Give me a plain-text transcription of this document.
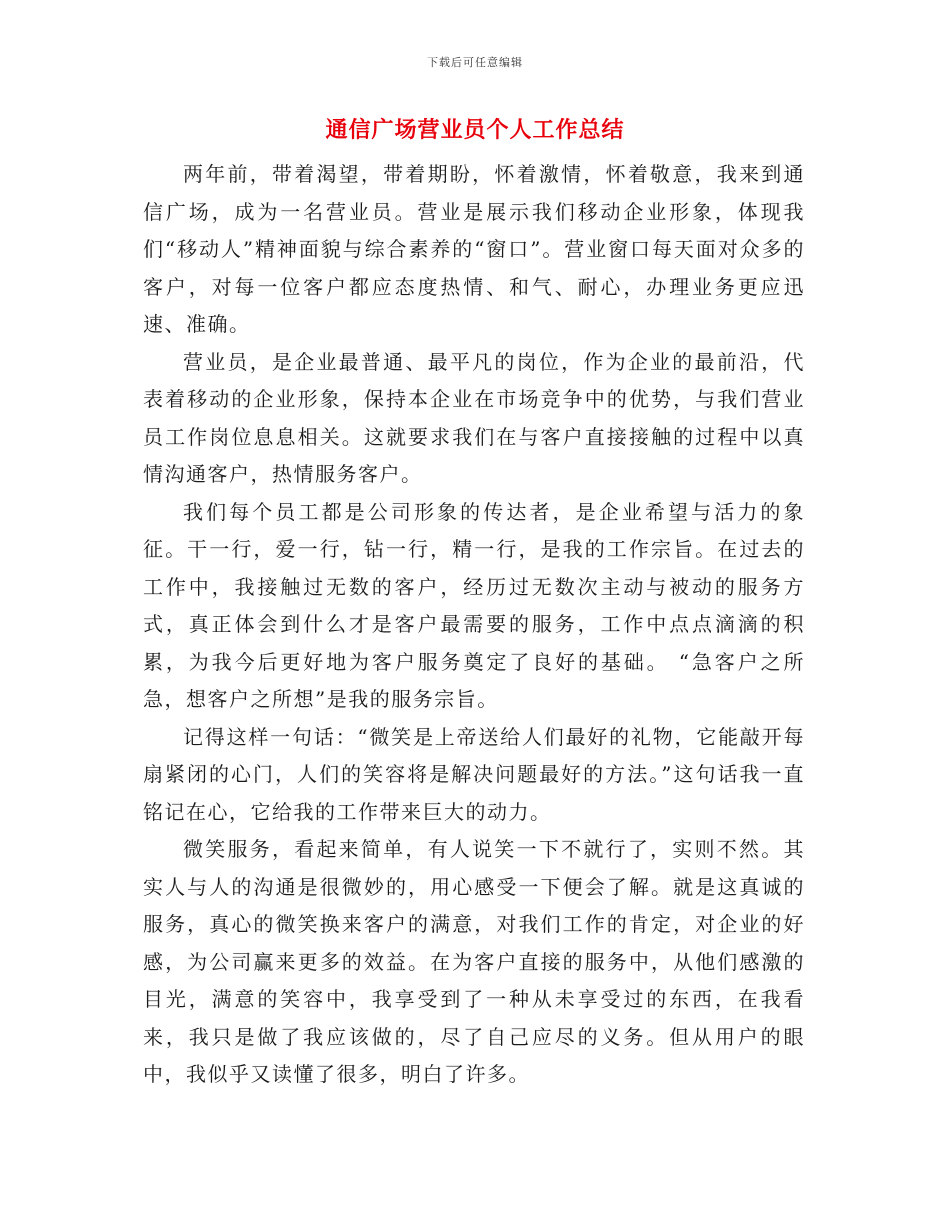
下载后可任意编辑
通信广场营业员个人工作总结

两年前，带着渴望，带着期盼，怀着激情，怀着敬意，我来到通信广场，成为一名营业员。营业是展示我们移动企业形象，体现我们“移动人”精神面貌与综合素养的“窗口”。营业窗口每天面对众多的客户，对每一位客户都应态度热情、和气、耐心，办理业务更应迅速、准确。

营业员，是企业最普通、最平凡的岗位，作为企业的最前沿，代表着移动的企业形象，保持本企业在市场竞争中的优势，与我们营业员工作岗位息息相关。这就要求我们在与客户直接接触的过程中以真情沟通客户，热情服务客户。

我们每个员工都是公司形象的传达者，是企业希望与活力的象征。干一行，爱一行，钻一行，精一行，是我的工作宗旨。在过去的工作中，我接触过无数的客户，经历过无数次主动与被动的服务方式，真正体会到什么才是客户最需要的服务，工作中点点滴滴的积累，为我今后更好地为客户服务奠定了良好的基础。 “急客户之所急，想客户之所想”是我的服务宗旨。

记得这样一句话：“微笑是上帝送给人们最好的礼物，它能敲开每扇紧闭的心门，人们的笑容将是解决问题最好的方法。”这句话我一直铭记在心，它给我的工作带来巨大的动力。

微笑服务，看起来简单，有人说笑一下不就行了，实则不然。其实人与人的沟通是很微妙的，用心感受一下便会了解。就是这真诚的服务，真心的微笑换来客户的满意，对我们工作的肯定，对企业的好感，为公司赢来更多的效益。在为客户直接的服务中，从他们感激的目光，满意的笑容中，我享受到了一种从未享受过的东西，在我看来，我只是做了我应该做的，尽了自己应尽的义务。但从用户的眼中，我似乎又读懂了很多，明白了许多。
